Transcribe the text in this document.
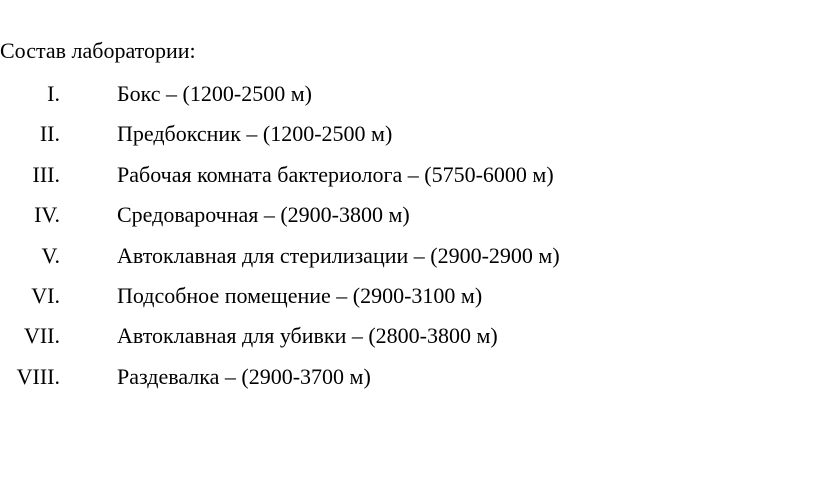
Состав лаборатории:
I.	Бокс – (1200-2500 м)
II.	Предбоксник – (1200-2500 м)
III.	Рабочая комната бактериолога – (5750-6000 м)
IV.	Средоварочная – (2900-3800 м)
V.	Автоклавная для стерилизации – (2900-2900 м)
VI.	Подсобное помещение – (2900-3100 м)
VII.	Автоклавная для убивки – (2800-3800 м)
VIII.	Раздевалка – (2900-3700 м)
